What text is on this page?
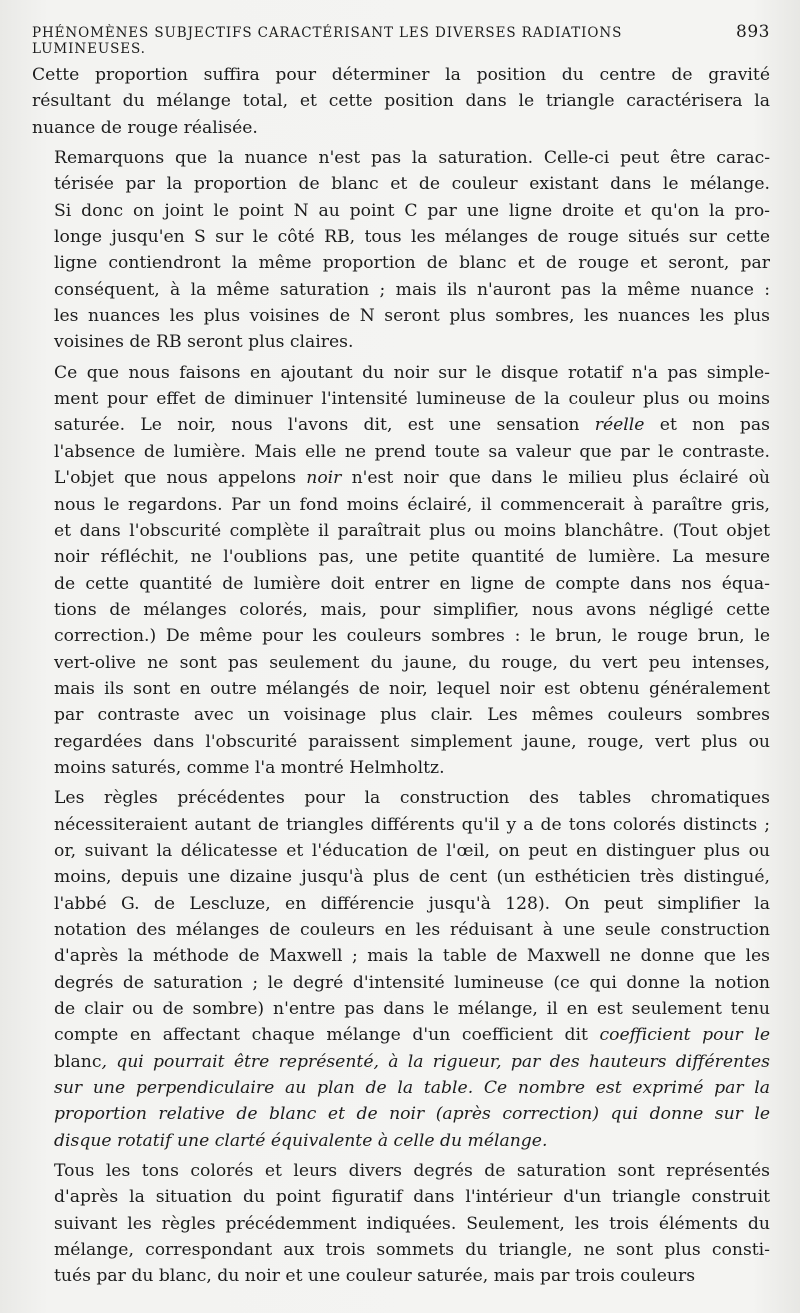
PHÉNOMÈNES SUBJECTIFS CARACTÉRISANT LES DIVERSES RADIATIONS LUMINEUSES.
893

Cette proportion suffira pour déterminer la position du centre de gravité
résultant du mélange total, et cette position dans le triangle caractérisera la
nuance de rouge réalisée.

Remarquons que la nuance n'est pas la saturation. Celle-ci peut être carac-
térisée par la proportion de blanc et de couleur existant dans le mélange.
Si donc on joint le point N au point C par une ligne droite et qu'on la pro-
longe jusqu'en S sur le côté RB, tous les mélanges de rouge situés sur cette
ligne contiendront la même proportion de blanc et de rouge et seront, par
conséquent, à la même saturation ; mais ils n'auront pas la même nuance :
les nuances les plus voisines de N seront plus sombres, les nuances les plus
voisines de RB seront plus claires.

Ce que nous faisons en ajoutant du noir sur le disque rotatif n'a pas simple-
ment pour effet de diminuer l'intensité lumineuse de la couleur plus ou moins
saturée. Le noir, nous l'avons dit, est une sensation réelle et non pas
l'absence de lumière. Mais elle ne prend toute sa valeur que par le contraste.
L'objet que nous appelons noir n'est noir que dans le milieu plus éclairé où
nous le regardons. Par un fond moins éclairé, il commencerait à paraître gris,
et dans l'obscurité complète il paraîtrait plus ou moins blanchâtre. (Tout objet
noir réfléchit, ne l'oublions pas, une petite quantité de lumière. La mesure
de cette quantité de lumière doit entrer en ligne de compte dans nos équa-
tions de mélanges colorés, mais, pour simplifier, nous avons négligé cette
correction.) De même pour les couleurs sombres : le brun, le rouge brun, le
vert-olive ne sont pas seulement du jaune, du rouge, du vert peu intenses,
mais ils sont en outre mélangés de noir, lequel noir est obtenu généralement
par contraste avec un voisinage plus clair. Les mêmes couleurs sombres
regardées dans l'obscurité paraissent simplement jaune, rouge, vert plus ou
moins saturés, comme l'a montré Helmholtz.

Les règles précédentes pour la construction des tables chromatiques
nécessiteraient autant de triangles différents qu'il y a de tons colorés distincts ;
or, suivant la délicatesse et l'éducation de l'œil, on peut en distinguer plus ou
moins, depuis une dizaine jusqu'à plus de cent (un esthéticien très distingué,
l'abbé G. de Lescluze, en différencie jusqu'à 128). On peut simplifier la
notation des mélanges de couleurs en les réduisant à une seule construction
d'après la méthode de Maxwell ; mais la table de Maxwell ne donne que les
degrés de saturation ; le degré d'intensité lumineuse (ce qui donne la notion
de clair ou de sombre) n'entre pas dans le mélange, il en est seulement tenu
compte en affectant chaque mélange d'un coefficient dit coefficient pour le
blanc, qui pourrait être représenté, à la rigueur, par des hauteurs différentes
sur une perpendiculaire au plan de la table. Ce nombre est exprimé par la
proportion relative de blanc et de noir (après correction) qui donne sur le
disque rotatif une clarté équivalente à celle du mélange.

Tous les tons colorés et leurs divers degrés de saturation sont représentés
d'après la situation du point figuratif dans l'intérieur d'un triangle construit
suivant les règles précédemment indiquées. Seulement, les trois éléments du
mélange, correspondant aux trois sommets du triangle, ne sont plus consti-
tués par du blanc, du noir et une couleur saturée, mais par trois couleurs
